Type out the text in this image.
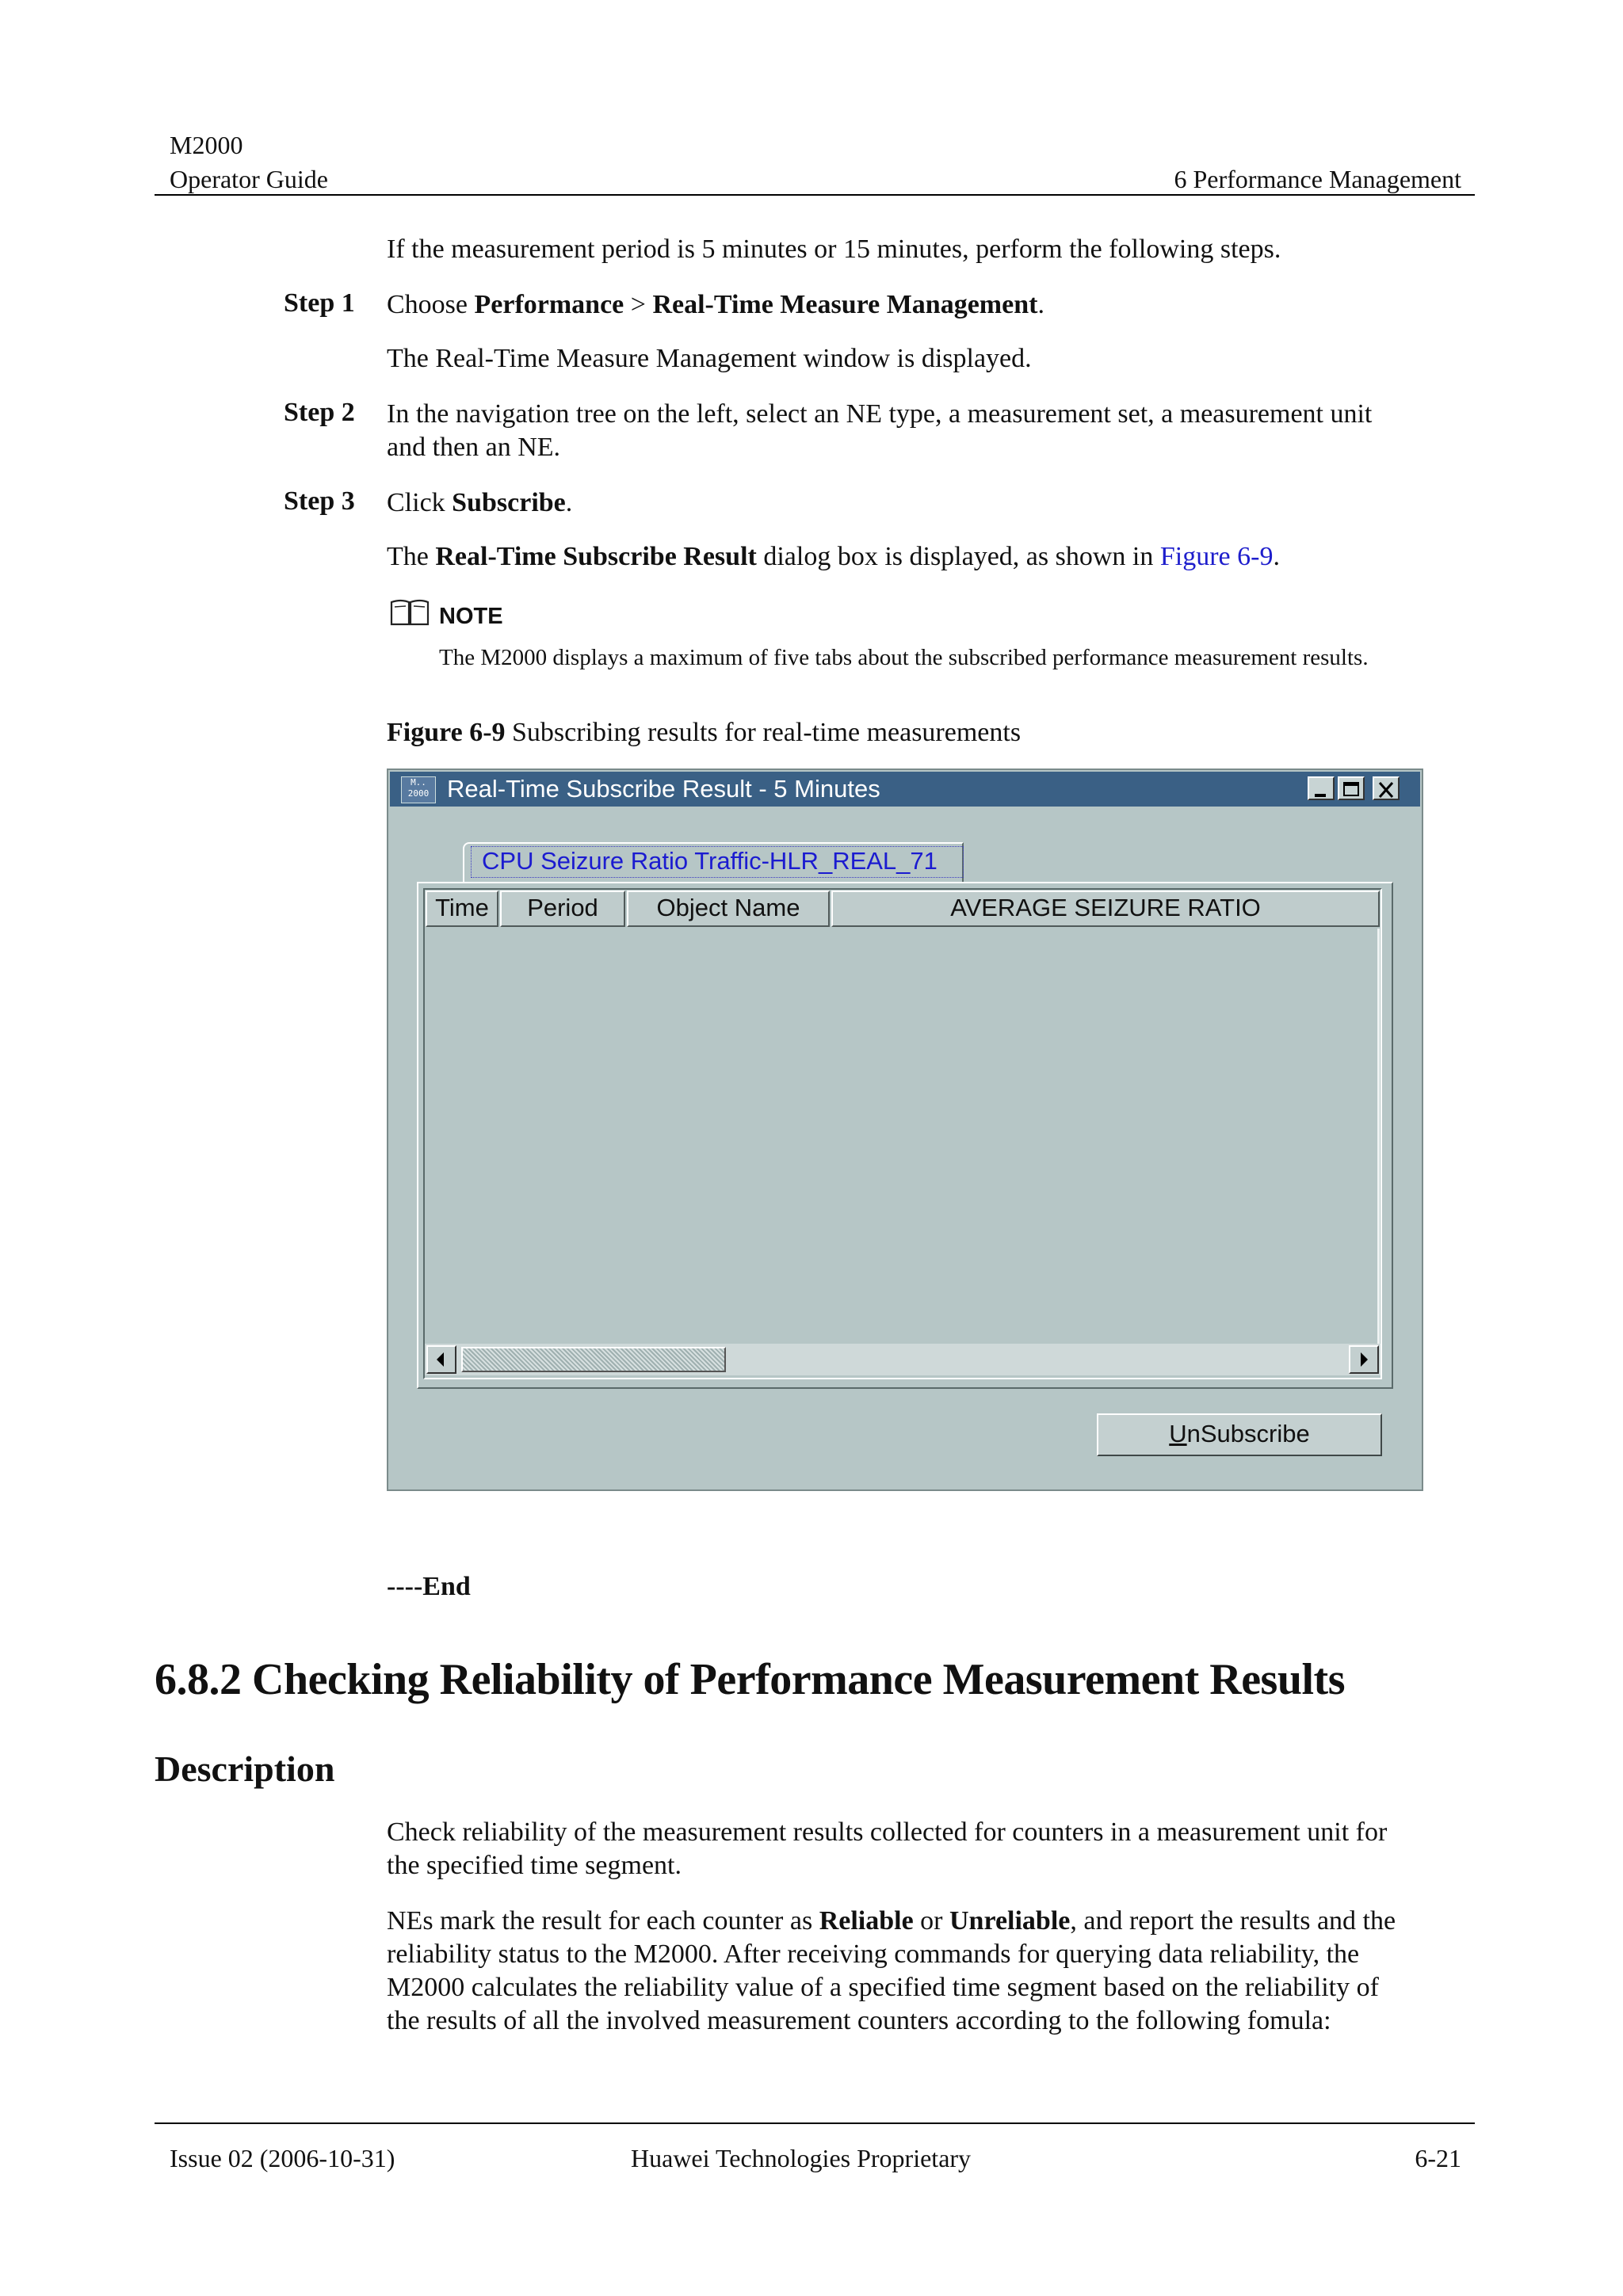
M2000
Operator Guide	6 Performance Management
If the measurement period is 5 minutes or 15 minutes, perform the following steps.
Step 1 Choose Performance > Real-Time Measure Management.
The Real-Time Measure Management window is displayed.
Step 2 In the navigation tree on the left, select an NE type, a measurement set, a measurement unit
and then an NE.
Step 3 Click Subscribe.
The Real-Time Subscribe Result dialog box is displayed, as shown in Figure 6-9.
NOTE
The M2000 displays a maximum of five tabs about the subscribed performance measurement results.
Figure 6-9 Subscribing results for real-time measurements
M..
2000 Real-Time Subscribe Result - 5 Minutes
CPU Seizure Ratio Traffic-HLR_REAL_71
Time	Period	Object Name	AVERAGE SEIZURE RATIO
UnSubscribe
----End
6.8.2 Checking Reliability of Performance Measurement Results
Description
Check reliability of the measurement results collected for counters in a measurement unit for
the specified time segment.
NEs mark the result for each counter as Reliable or Unreliable, and report the results and the
reliability status to the M2000. After receiving commands for querying data reliability, the
M2000 calculates the reliability value of a specified time segment based on the reliability of
the results of all the involved measurement counters according to the following fomula:
Issue 02 (2006-10-31)	Huawei Technologies Proprietary	6-21
